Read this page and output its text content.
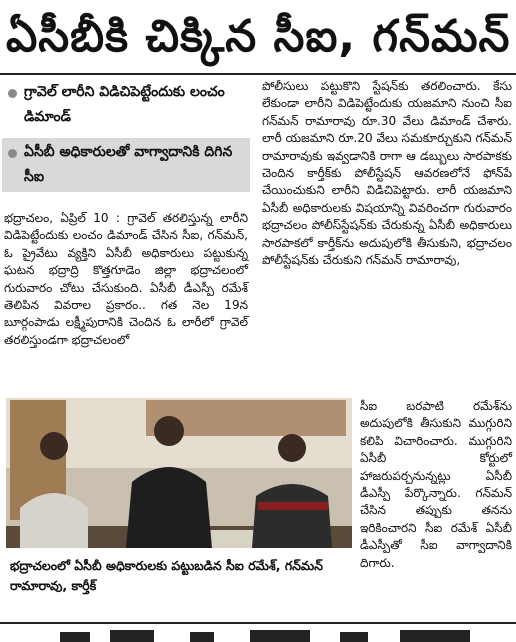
ఏసీబీకి చిక్కిన సీఐ, గన్‌మన్
గ్రావెల్ లారీని విడిచిపెట్టేందుకు లంచం డిమాండ్
ఏసీబీ అధికారులతో వాగ్వాదానికి దిగిన సీఐ
భద్రాచలం, ఏప్రిల్ 10 : గ్రావెల్ తరలిస్తున్న లారీని విడిపెట్టేందుకు లంచం డిమాండ్ చేసిన సీఐ, గన్‌మన్, ఓ ప్రైవేటు వ్యక్తిని ఏసీబీ అధికారులు పట్టుకున్న ఘటన భద్రాద్రి కొత్తగూడెం జిల్లా భద్రాచలంలో గురువారం చోటు చేసుకుంది. ఏసీబీ డీఎస్పీ రమేశ్ తెలిపిన వివరాల ప్రకారం.. గత నెల 19న బూర్గంపాడు లక్ష్మీపురానికి చెందిన ఓ లారీలో గ్రావెల్ తరలిస్తుండగా భద్రాచలంలో
పోలీసులు పట్టుకొని స్టేషన్‌కు తరలించారు. కేసు లేకుండా లారీని విడిపెట్టేందుకు యజమాని నుంచి సీఐ గన్‌మన్ రామారావు రూ.30 వేలు డిమాండ్ చేశారు. లారీ యజమాని రూ.20 వేలు సమకూర్చుకుని గన్‌మన్ రామారావుకు ఇవ్వడానికి రాగా ఆ డబ్బులు సారపాకకు చెందిన కార్తీక్‌కు పోలీస్టేషన్ ఆవరణలోనే ఫోన్‌పే చేయించుకుని లారీని విడిచిపెట్టారు. లారీ యజమాని ఏసీబీ అధికారులకు విషయాన్ని వివరించగా గురువారం భద్రాచలం పోలీస్‌స్టేషన్‌కు చేరుకున్న ఏసీబీ అధికారులు సారపాకలో కార్తీక్‌ను అదుపులోకి తీసుకుని, భద్రాచలం పోలీస్టేషన్‌కు చేరుకుని గన్‌మన్ రామారావు,
సీఐ బరపాటి రమేశ్‌ను అదుపులోకి తీసుకుని ముగ్గురిని కలిపి విచారించారు. ముగ్గురిని ఏసీబీ కోర్టులో హాజరుపర్చనున్నట్లు ఏసీబీ డీఎస్పీ పేర్కొన్నారు. గన్‌మన్ చేసిన తప్పుకు తనను ఇరికించారని సీఐ రమేశ్ ఏసీబీ డీఎస్పీతో సీఐ వాగ్వాదానికి దిగారు.
భద్రాచలంలో ఏసీబీ అధికారులకు పట్టుబడిన సీఐ రమేశ్, గన్‌మన్ రామారావు, కార్తీక్
